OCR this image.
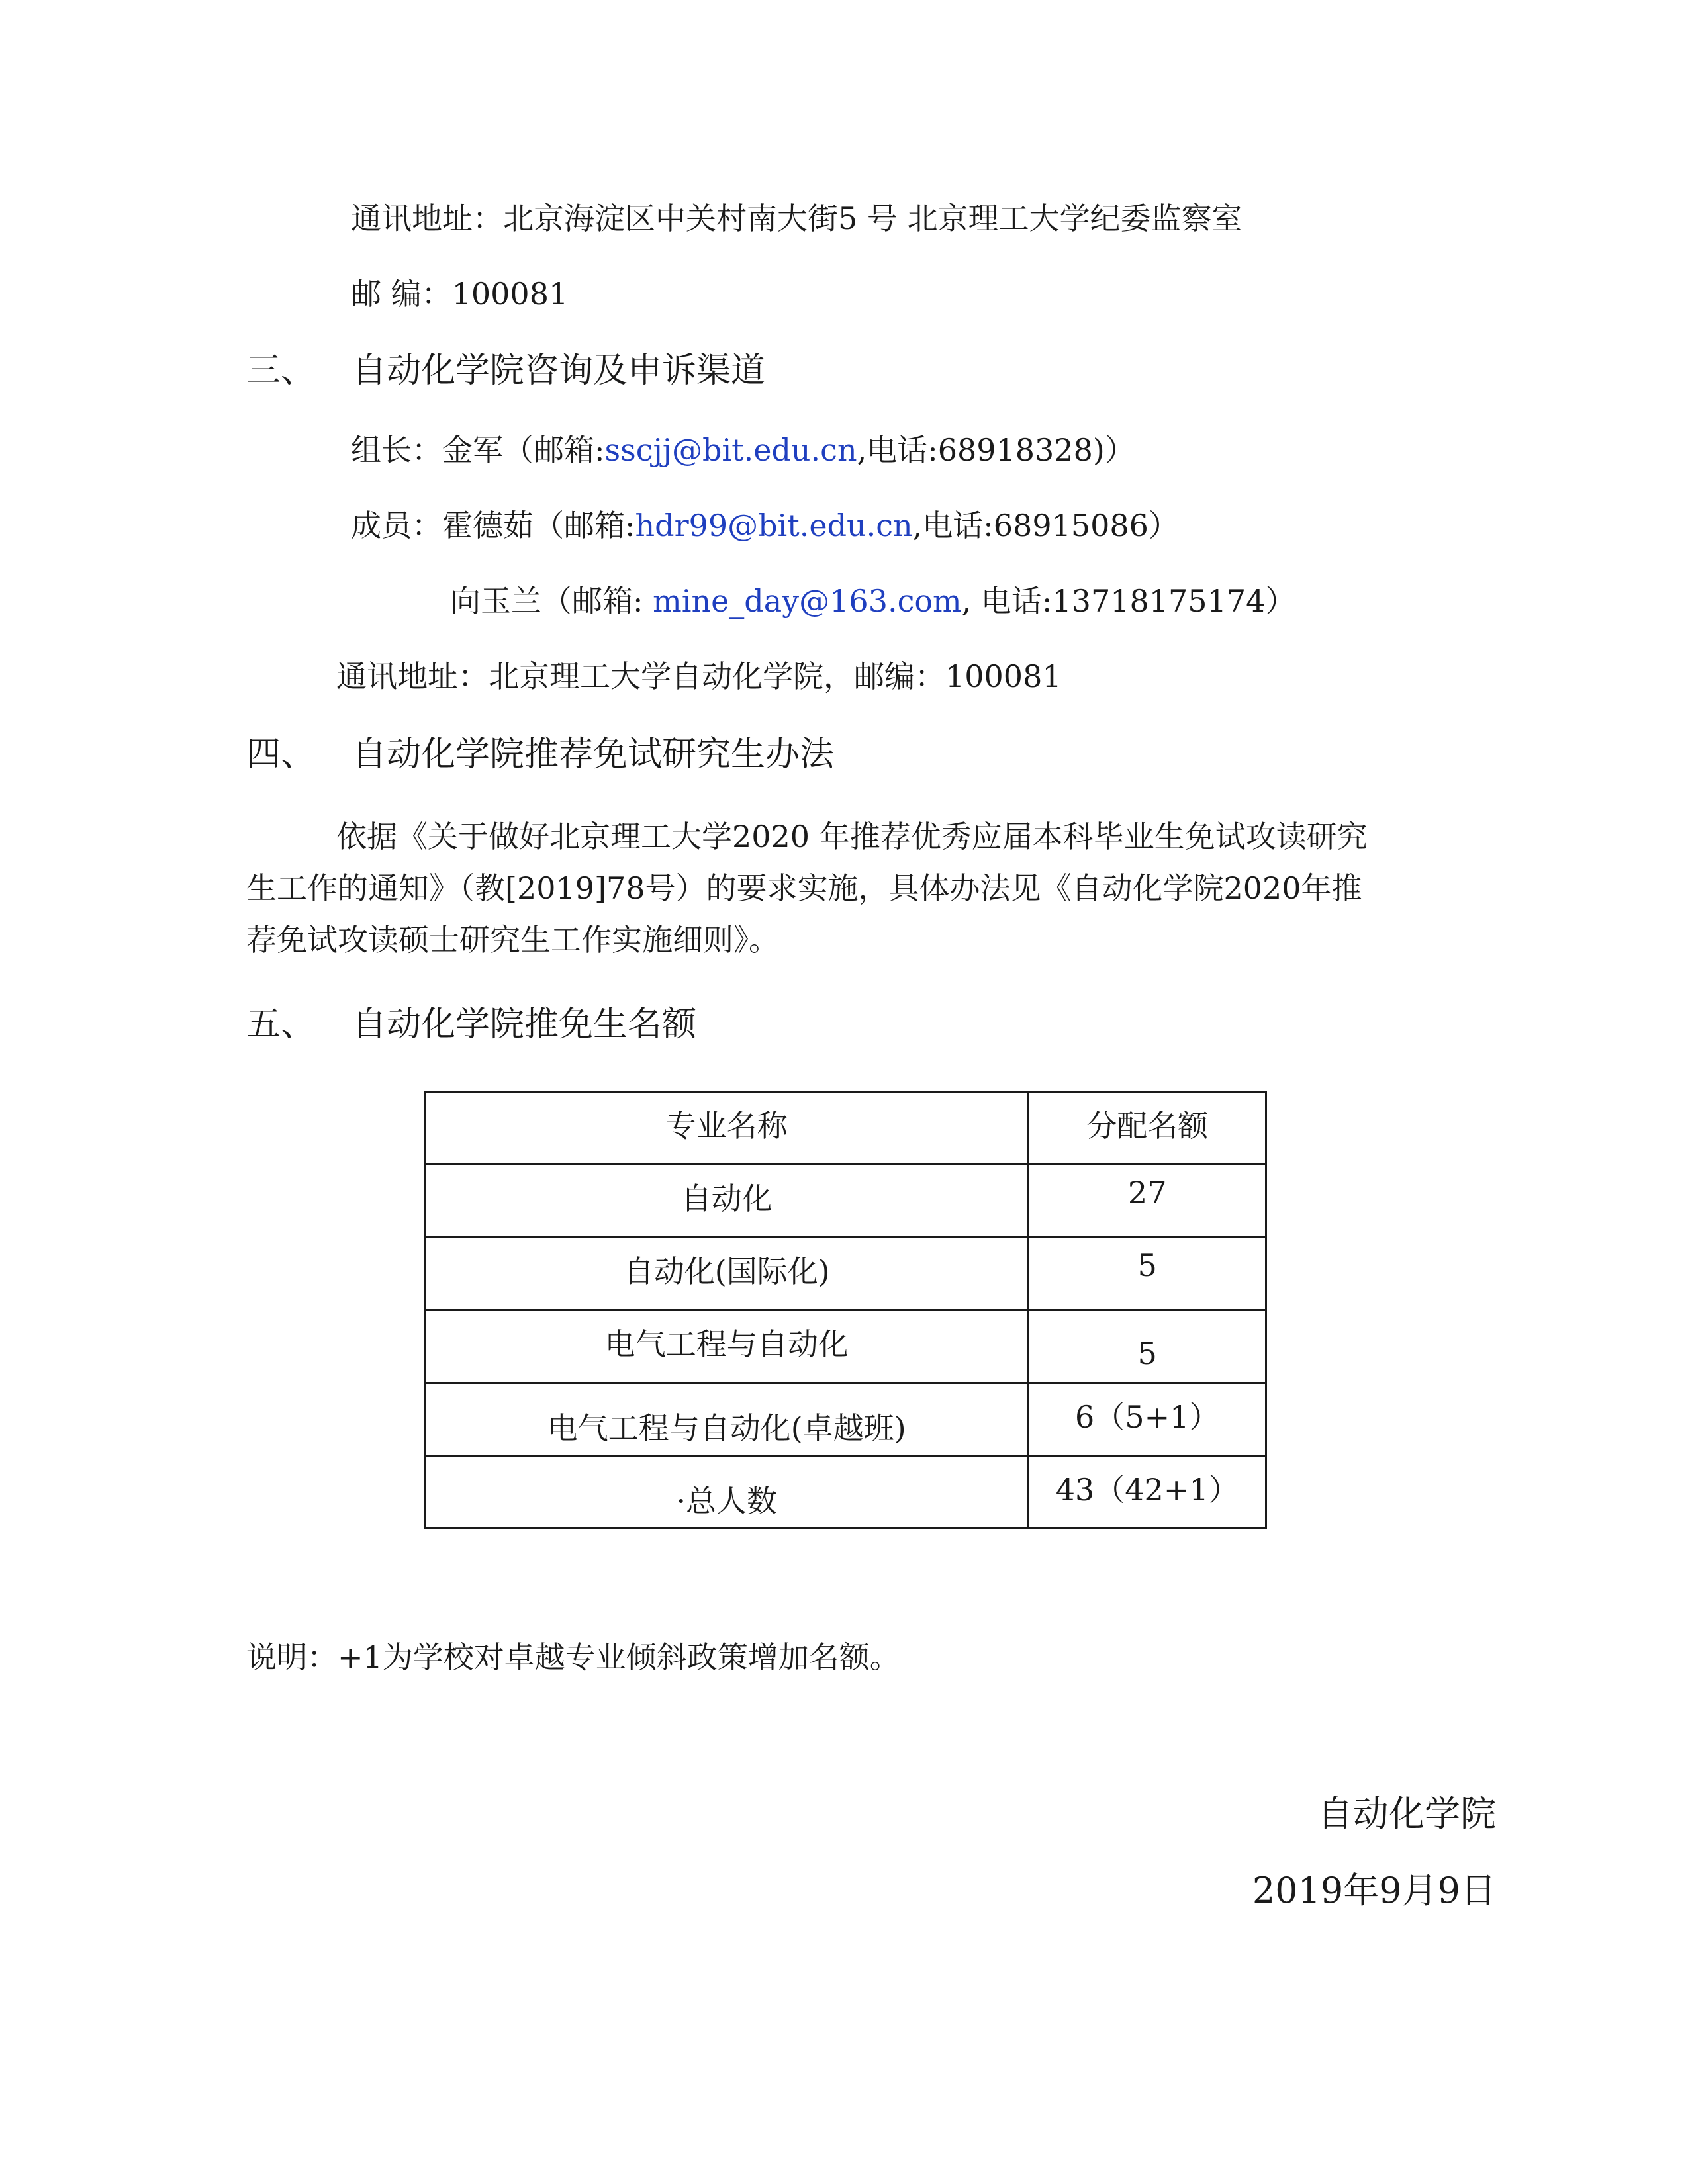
通讯地址：北京海淀区中关村南大街5 号 北京理工大学纪委监察室
邮 编：100081
三、 自动化学院咨询及申诉渠道
组长：金军（邮箱:sscjj@bit.edu.cn,电话:68918328)）
成员：霍德茹（邮箱:hdr99@bit.edu.cn,电话:68915086）
向玉兰（邮箱: mine_day@163.com, 电话:13718175174）
通讯地址：北京理工大学自动化学院，邮编：100081
四、 自动化学院推荐免试研究生办法
依据《关于做好北京理工大学2020 年推荐优秀应届本科毕业生免试攻读研究
生工作的通知》（教[2019]78号）的要求实施，具体办法见《自动化学院2020年推
荐免试攻读硕士研究生工作实施细则》。
五、 自动化学院推免生名额
专业名称	分配名额
自动化	27
自动化(国际化)	5
电气工程与自动化	5
电气工程与自动化(卓越班)	6（5+1）
·总人数	43（42+1）
说明：+1为学校对卓越专业倾斜政策增加名额。
自动化学院
2019年9月9日
